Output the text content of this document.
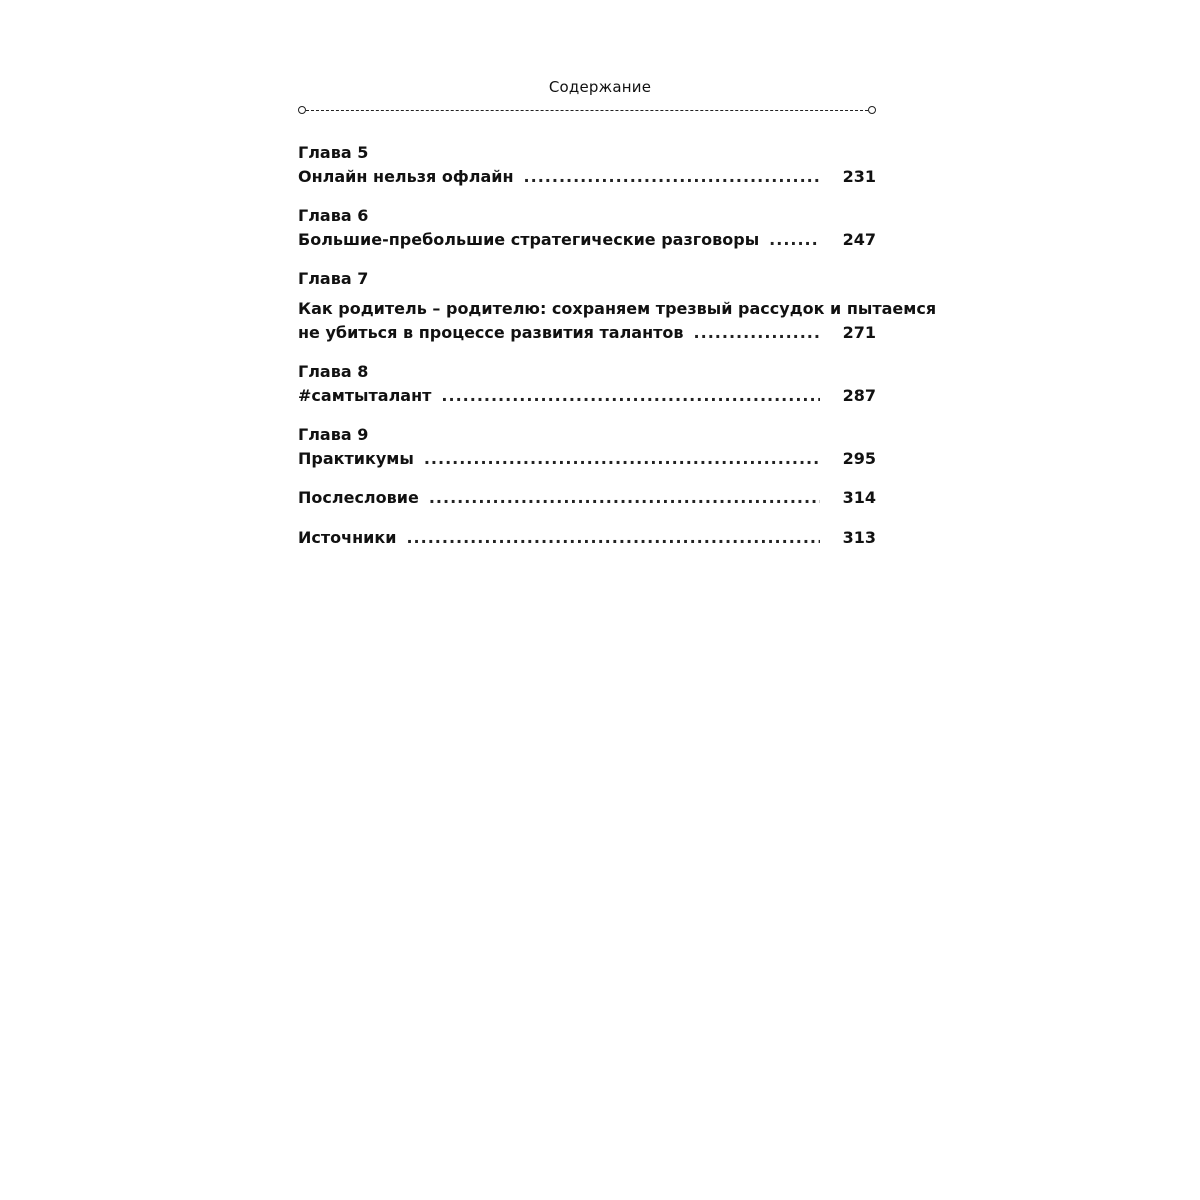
Содержание
Глава 5
Онлайн нельзя офлайн .....	231
Глава 6
Большие-пребольшие стратегические разговоры .....	247
Глава 7
Как родитель – родителю: сохраняем трезвый рассудок и пытаемся
не убиться в процессе развития талантов .....	271
Глава 8
#самтыталант .....	287
Глава 9
Практикумы .....	295
Послесловие .....	314
Источники .....	313
